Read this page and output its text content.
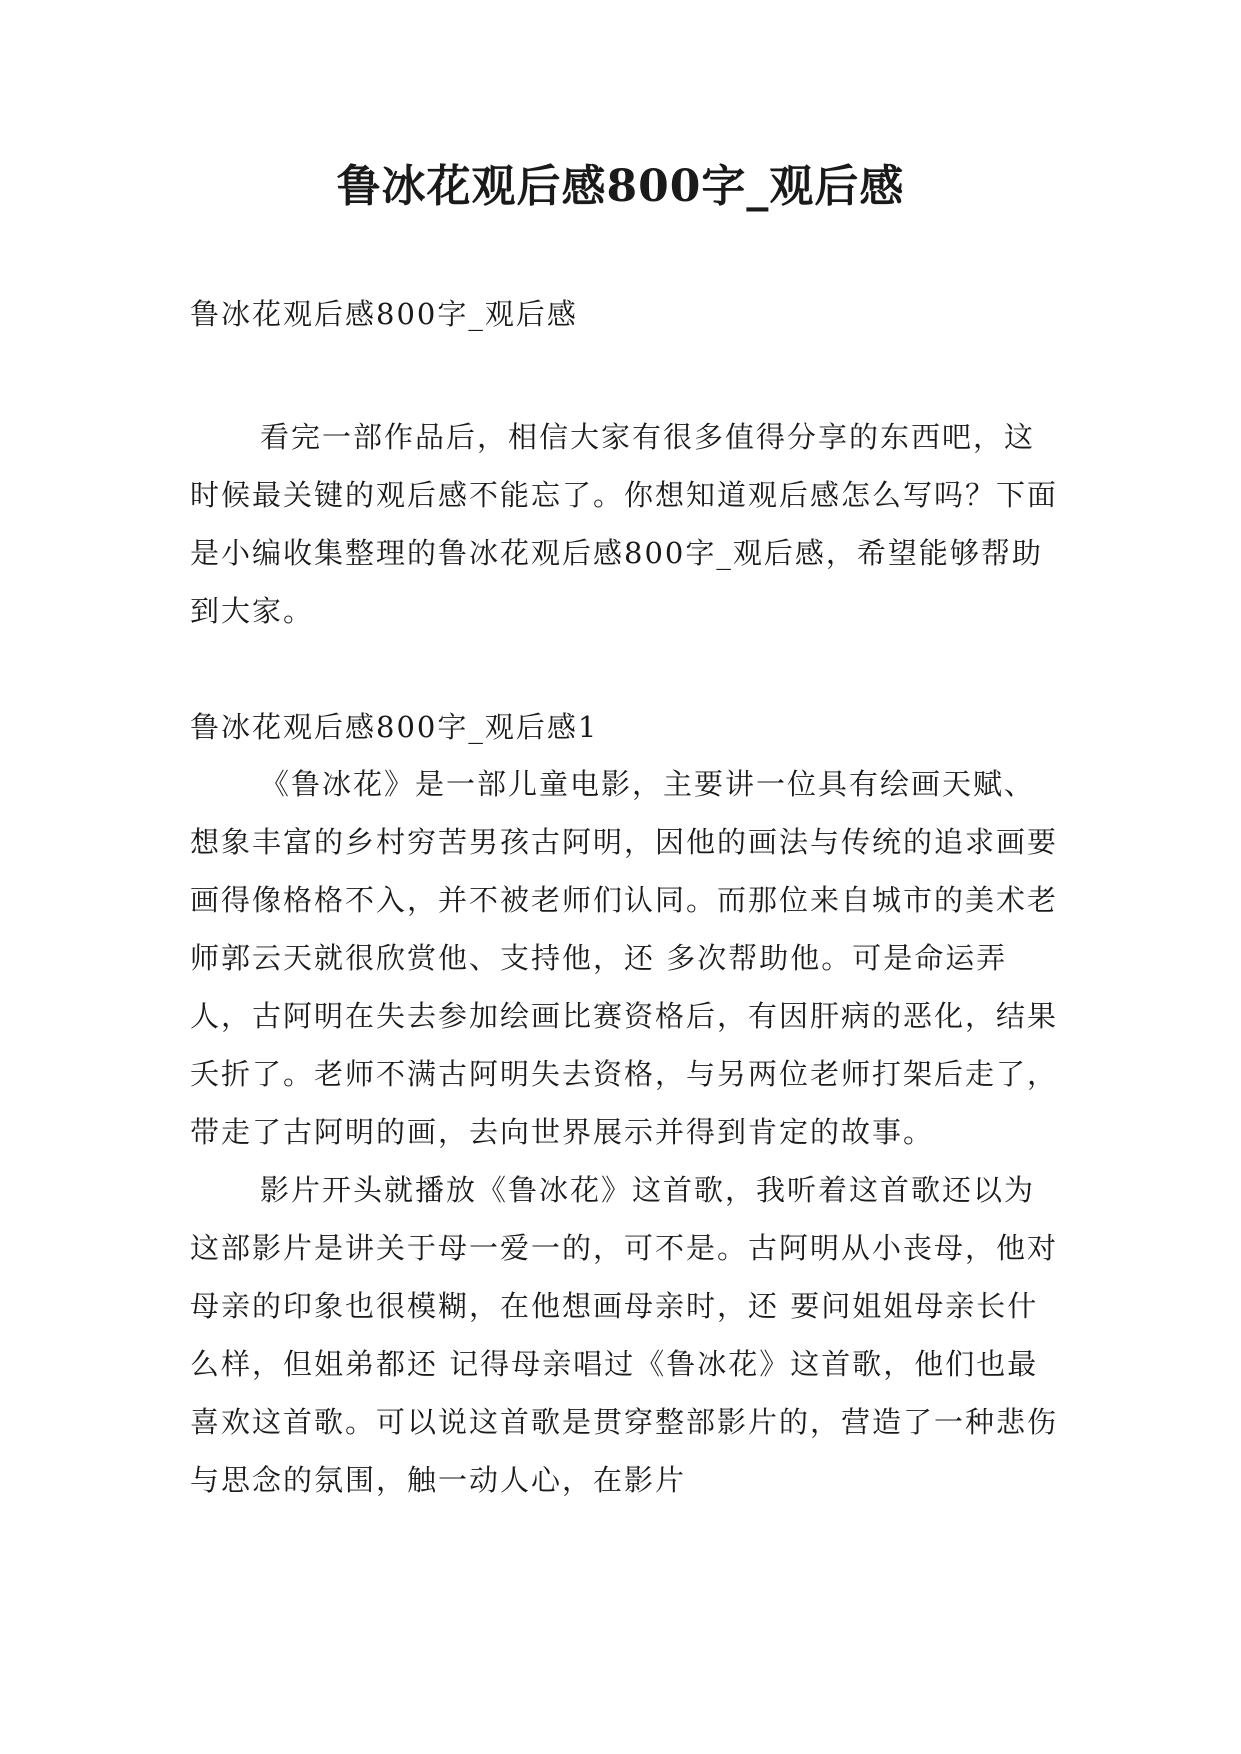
鲁冰花观后感800字_观后感

鲁冰花观后感800字_观后感

看完一部作品后，相信大家有很多值得分享的东西吧，这时候最关键的观后感不能忘了。你想知道观后感怎么写吗？下面是小编收集整理的鲁冰花观后感800字_观后感，希望能够帮助到大家。

鲁冰花观后感800字_观后感1

《鲁冰花》是一部儿童电影，主要讲一位具有绘画天赋、想象丰富的乡村穷苦男孩古阿明，因他的画法与传统的追求画要画得像格格不入，并不被老师们认同。而那位来自城市的美术老师郭云天就很欣赏他、支持他，还 多次帮助他。可是命运弄人，古阿明在失去参加绘画比赛资格后，有因肝病的恶化，结果夭折了。老师不满古阿明失去资格，与另两位老师打架后走了，带走了古阿明的画，去向世界展示并得到肯定的故事。

影片开头就播放《鲁冰花》这首歌，我听着这首歌还以为这部影片是讲关于母一爱一的，可不是。古阿明从小丧母，他对母亲的印象也很模糊，在他想画母亲时，还 要问姐姐母亲长什么样，但姐弟都还 记得母亲唱过《鲁冰花》这首歌，他们也最喜欢这首歌。可以说这首歌是贯穿整部影片的，营造了一种悲伤与思念的氛围，触一动人心，在影片
